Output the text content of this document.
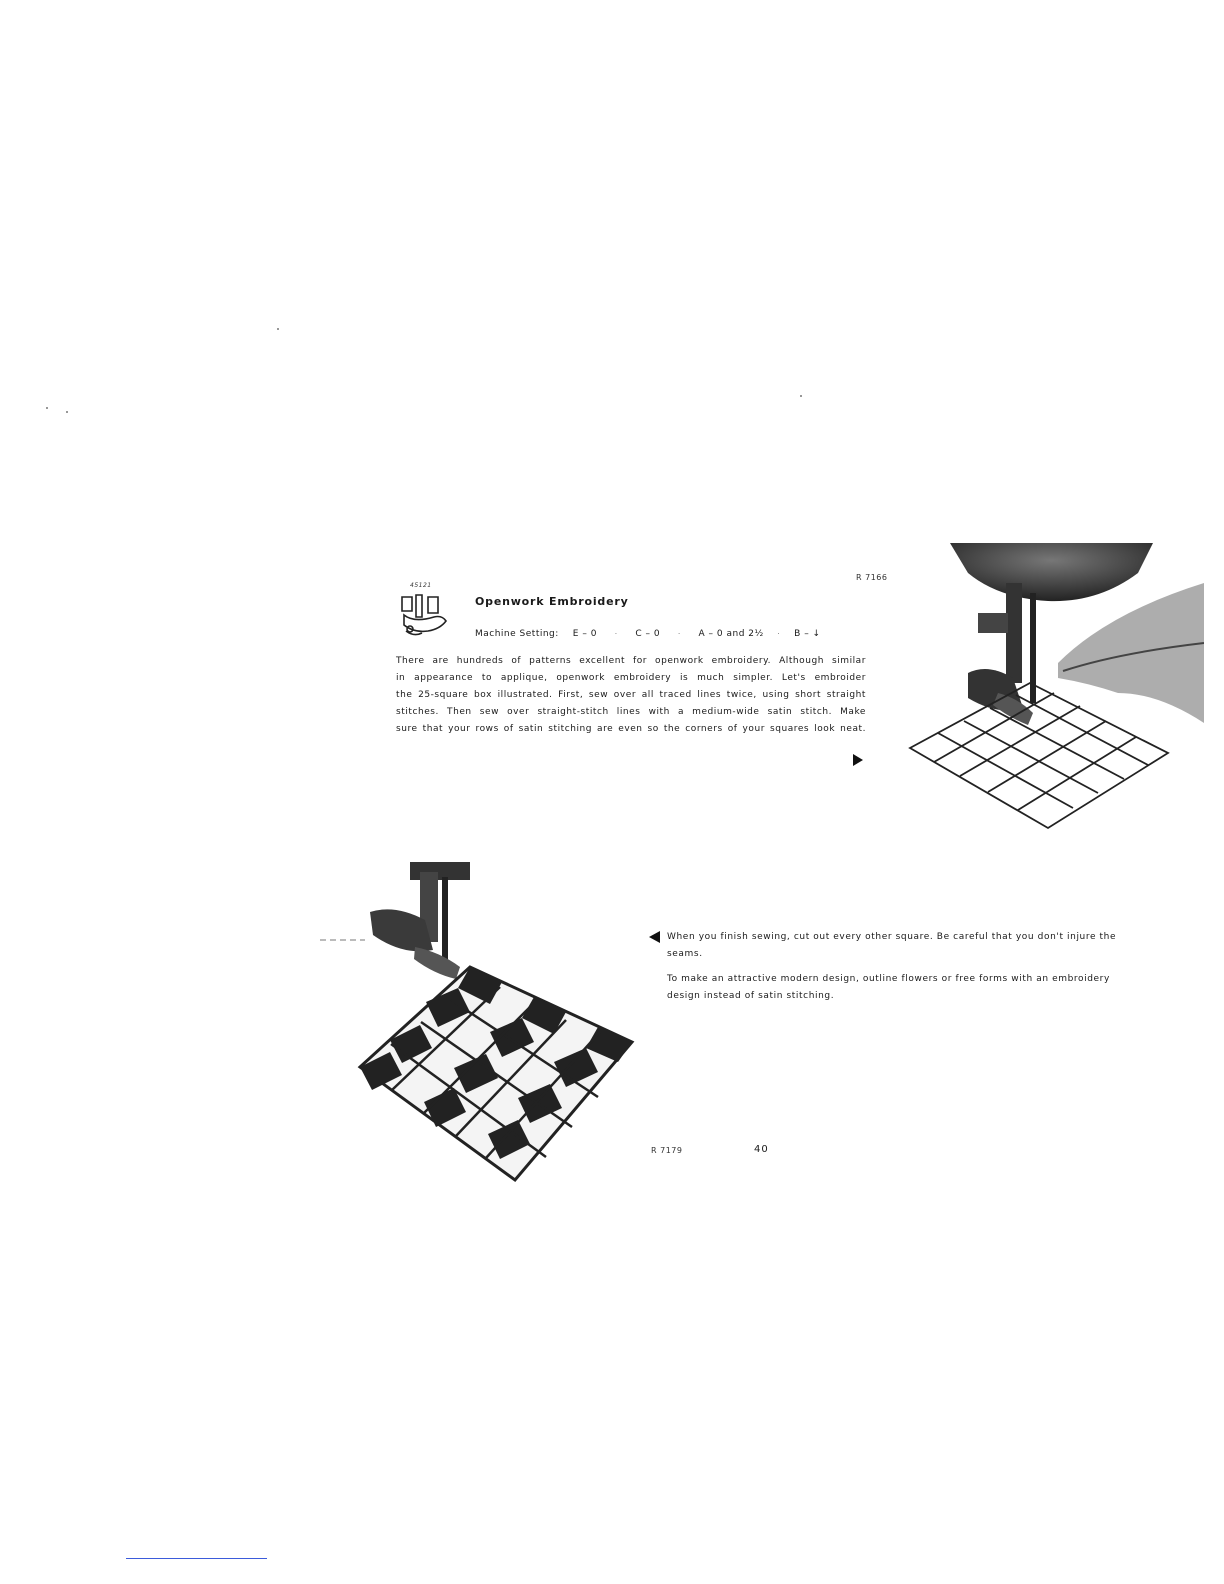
R 7166
45121
Openwork Embroidery
Machine Setting: E – 0	· C – 0	· A – 0 and 2½ · B – ↓
There are hundreds of patterns excellent for openwork embroidery. Although similar
in appearance to applique, openwork embroidery is much simpler. Let's embroider
the 25-square box illustrated. First, sew over all traced lines twice, using short straight
stitches. Then sew over straight-stitch lines with a medium-wide satin stitch. Make
sure that your rows of satin stitching are even so the corners of your squares look neat.

When you finish sewing, cut out every other square. Be careful that you don't injure the seams.

To make an attractive modern design, outline flowers or free forms with an embroidery design instead of satin stitching.

R 7179	40
